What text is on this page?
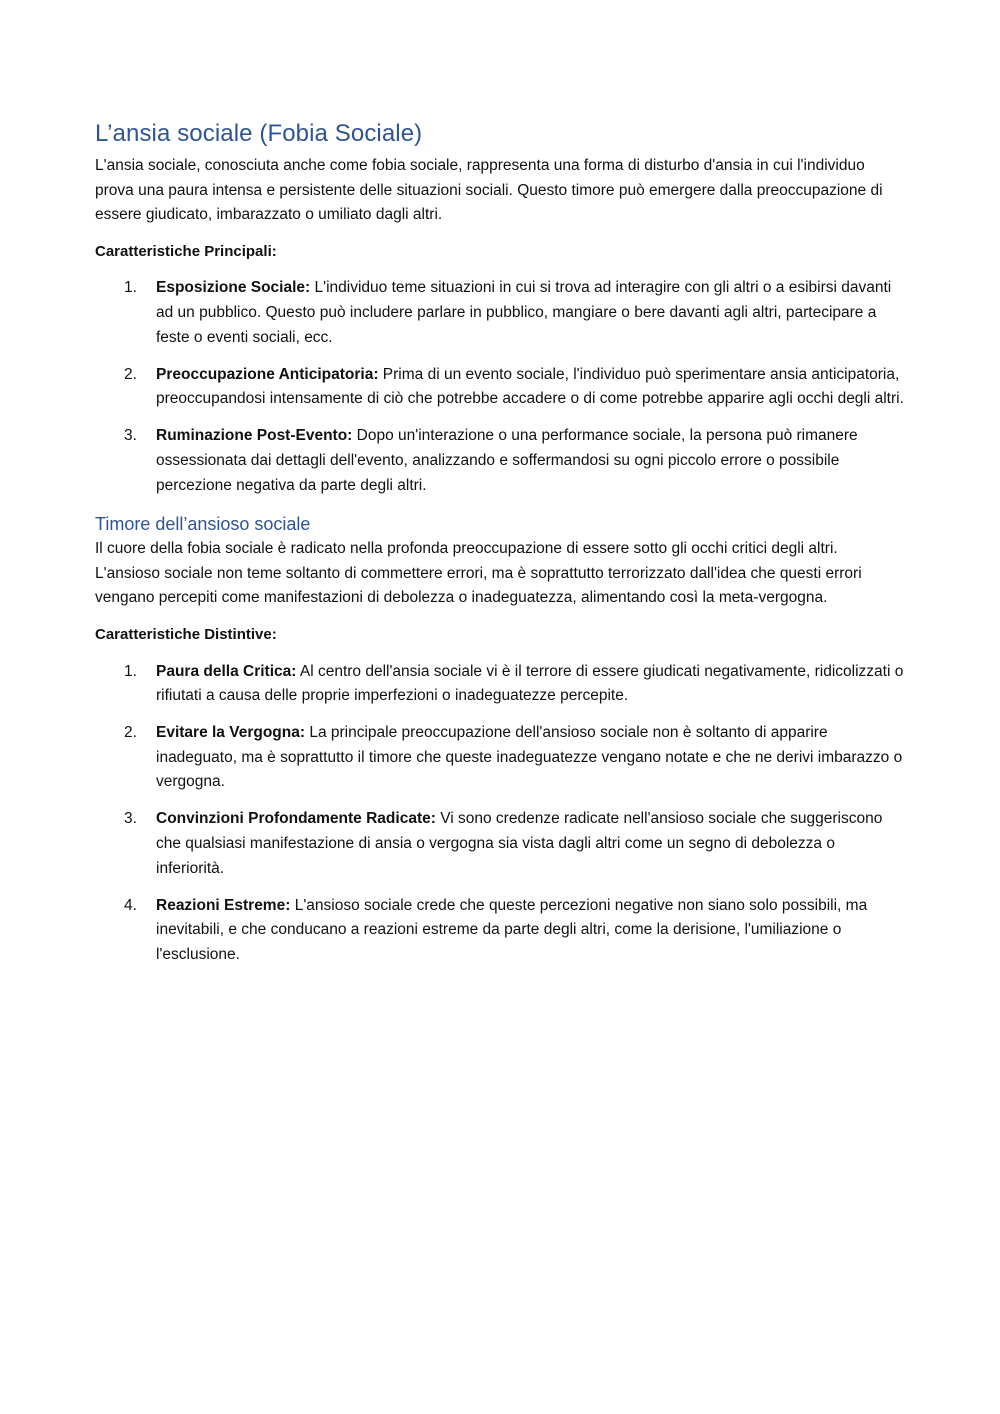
L’ansia sociale (Fobia Sociale)

L'ansia sociale, conosciuta anche come fobia sociale, rappresenta una forma di disturbo d'ansia in cui l'individuo prova una paura intensa e persistente delle situazioni sociali. Questo timore può emergere dalla preoccupazione di essere giudicato, imbarazzato o umiliato dagli altri.

Caratteristiche Principali:

1. Esposizione Sociale: L'individuo teme situazioni in cui si trova ad interagire con gli altri o a esibirsi davanti ad un pubblico. Questo può includere parlare in pubblico, mangiare o bere davanti agli altri, partecipare a feste o eventi sociali, ecc.
2. Preoccupazione Anticipatoria: Prima di un evento sociale, l'individuo può sperimentare ansia anticipatoria, preoccupandosi intensamente di ciò che potrebbe accadere o di come potrebbe apparire agli occhi degli altri.
3. Ruminazione Post-Evento: Dopo un'interazione o una performance sociale, la persona può rimanere ossessionata dai dettagli dell'evento, analizzando e soffermandosi su ogni piccolo errore o possibile percezione negativa da parte degli altri.
Timore dell’ansioso sociale

Il cuore della fobia sociale è radicato nella profonda preoccupazione di essere sotto gli occhi critici degli altri. L'ansioso sociale non teme soltanto di commettere errori, ma è soprattutto terrorizzato dall'idea che questi errori vengano percepiti come manifestazioni di debolezza o inadeguatezza, alimentando così la meta-vergogna.

Caratteristiche Distintive:

1. Paura della Critica: Al centro dell'ansia sociale vi è il terrore di essere giudicati negativamente, ridicolizzati o rifiutati a causa delle proprie imperfezioni o inadeguatezze percepite.
2. Evitare la Vergogna: La principale preoccupazione dell'ansioso sociale non è soltanto di apparire inadeguato, ma è soprattutto il timore che queste inadeguatezze vengano notate e che ne derivi imbarazzo o vergogna.
3. Convinzioni Profondamente Radicate: Vi sono credenze radicate nell'ansioso sociale che suggeriscono che qualsiasi manifestazione di ansia o vergogna sia vista dagli altri come un segno di debolezza o inferiorità.
4. Reazioni Estreme: L'ansioso sociale crede che queste percezioni negative non siano solo possibili, ma inevitabili, e che conducano a reazioni estreme da parte degli altri, come la derisione, l'umiliazione o l'esclusione.
